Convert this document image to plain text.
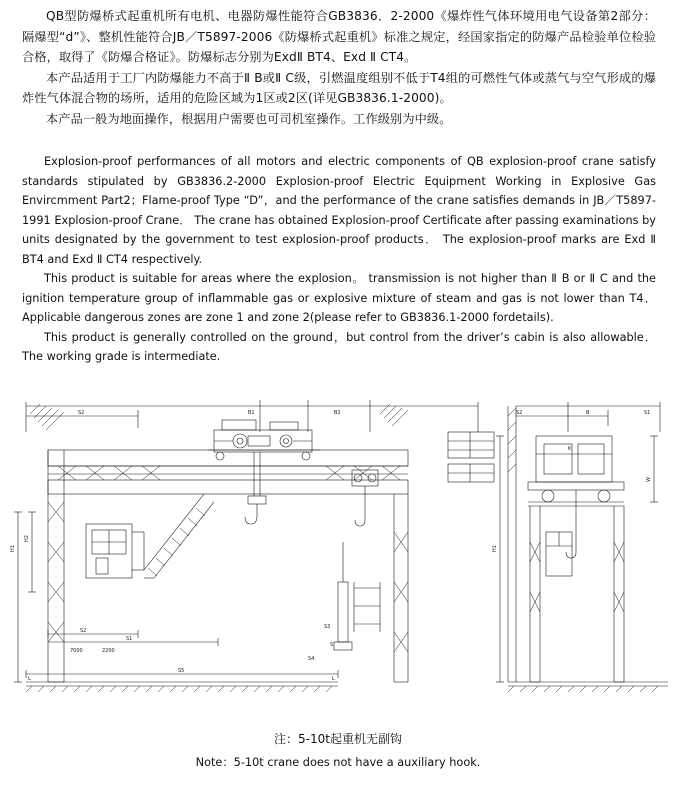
QB型防爆桥式起重机所有电机、电器防爆性能符合GB3836．2-2000《爆炸性气体环境用电气设备第2部分：隔爆型“d”》、整机性能符合JB／T5897-2006《防爆桥式起重机》标准之规定，经国家指定的防爆产品检验单位检验合格，取得了《防爆合格证》。防爆标志分别为ExdⅡ BT4、Exd Ⅱ CT4。

本产品适用于工厂内防爆能力不高于Ⅱ B或Ⅱ C级，引燃温度组别不低于T4组的可燃性气体或蒸气与空气形成的爆炸性气体混合物的场所，适用的危险区域为1区或2区(详见GB3836.1-2000)。

本产品一般为地面操作，根据用户需要也可司机室操作。工作级别为中级。

Explosion-proof performances of all motors and electric components of QB explosion-proof crane satisfy standards stipulated by GB3836.2-2000 Explosion-proof Electric Equipment Working in Explosive Gas Envircmment Part2；Flame-proof Type “D”，and the performance of the crane satisfies demands in JB／T5897-1991 Explosion-proof Crane． The crane has obtained Explosion-proof Certificate after passing examinations by units designated by the government to test explosion-proof products． The explosion-proof marks are Exd Ⅱ BT4 and Exd Ⅱ CT4 respectively.

This product is suitable for areas where the explosion。 transmission is not higher than Ⅱ B or Ⅱ C and the ignition temperature group of inflammable gas or explosive mixture of steam and gas is not lower than T4． Applicable dangerous zones are zone 1 and zone 2(please refer to GB3836.1-2000 fordetails).

This product is generally controlled on the ground，but control from the driver’s cabin is also allowable． The working grade is intermediate.

S2	B1	B2
S2
S1
7000	2200
S5
S3
S
S4
H1
H2
S2	B	S1
K
H1
W
L	L
注：5-10t起重机无副钩
Note：5-10t crane does not have a auxiliary hook.
